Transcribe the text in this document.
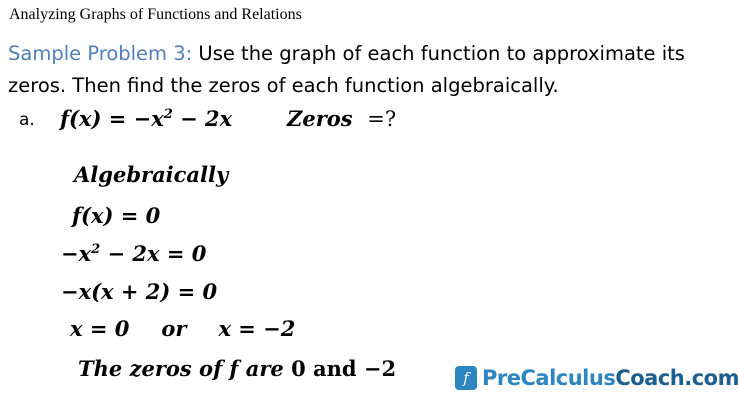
Analyzing Graphs of Functions and Relations
Sample Problem 3: Use the graph of each function to approximate its
zeros. Then find the zeros of each function algebraically.
a. $f(x) = -x^2 - 2x$	Zeros =?
Algebraically
f(x) = 0
$-x^2 - 2x = 0$
−x(x + 2) = 0
x = 0 or x = −2
The zeros of f are 0 and −2	f PreCalculusCoach.com
